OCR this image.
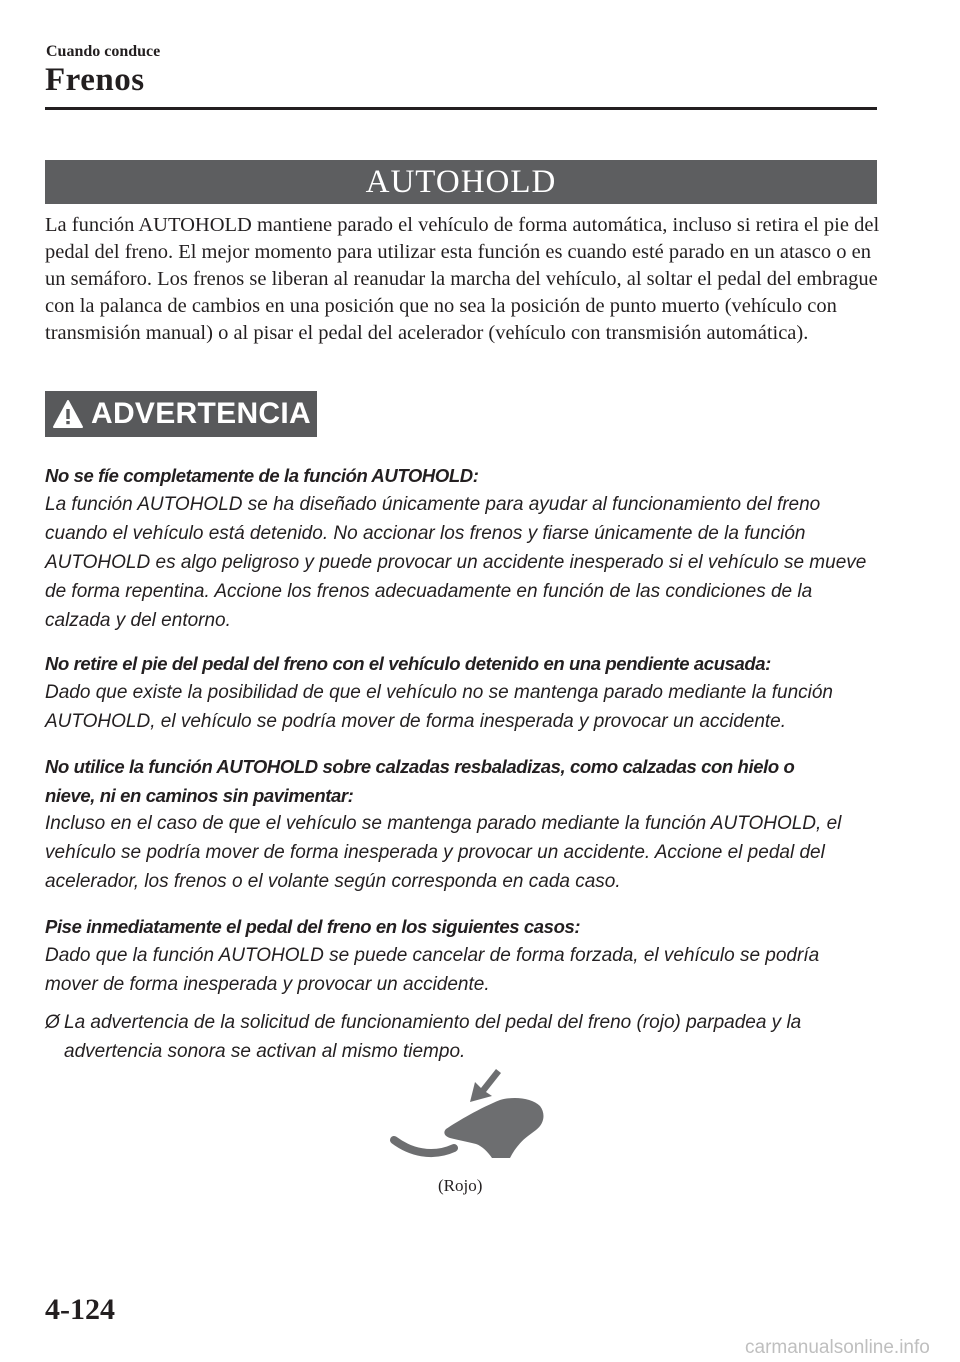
Cuando conduce
Frenos
AUTOHOLD
La función AUTOHOLD mantiene parado el vehículo de forma automática, incluso si retira el pie del pedal del freno. El mejor momento para utilizar esta función es cuando esté parado en un atasco o en un semáforo. Los frenos se liberan al reanudar la marcha del vehículo, al soltar el pedal del embrague con la palanca de cambios en una posición que no sea la posición de punto muerto (vehículo con transmisión manual) o al pisar el pedal del acelerador (vehículo con transmisión automática).
ADVERTENCIA
No se fíe completamente de la función AUTOHOLD:
La función AUTOHOLD se ha diseñado únicamente para ayudar al funcionamiento del freno cuando el vehículo está detenido. No accionar los frenos y fiarse únicamente de la función AUTOHOLD es algo peligroso y puede provocar un accidente inesperado si el vehículo se mueve de forma repentina. Accione los frenos adecuadamente en función de las condiciones de la calzada y del entorno.
No retire el pie del pedal del freno con el vehículo detenido en una pendiente acusada:
Dado que existe la posibilidad de que el vehículo no se mantenga parado mediante la función AUTOHOLD, el vehículo se podría mover de forma inesperada y provocar un accidente.
No utilice la función AUTOHOLD sobre calzadas resbaladizas, como calzadas con hielo o nieve, ni en caminos sin pavimentar:
Incluso en el caso de que el vehículo se mantenga parado mediante la función AUTOHOLD, el vehículo se podría mover de forma inesperada y provocar un accidente. Accione el pedal del acelerador, los frenos o el volante según corresponda en cada caso.
Pise inmediatamente el pedal del freno en los siguientes casos:
Dado que la función AUTOHOLD se puede cancelar de forma forzada, el vehículo se podría mover de forma inesperada y provocar un accidente.
Ø La advertencia de la solicitud de funcionamiento del pedal del freno (rojo) parpadea y la advertencia sonora se activan al mismo tiempo.
(Rojo)
4-124
carmanualsonline.info
